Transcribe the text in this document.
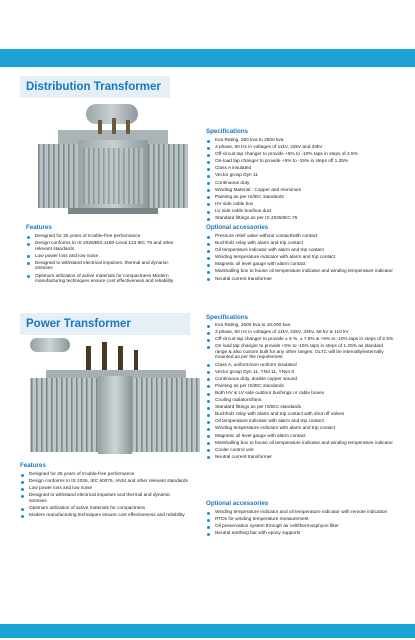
Distribution Transformer
Specifications
Kva Rating, 250 kva to 2500 kva
3 phase, 50 Hz in voltages of 11kV, 22kV and 33kV
Off-circuit tap changer to provide +5% to -10% taps in steps of 2.5%
On-load tap changer to provide +5% to -15% in steps off 1.25%
Class A insulated
Vector group Dyn 11
Continuous duty
Winding Material : Copper and Aluminum
Painting as per IS/IEC standards
HV side cable box
LV side cable box/bus duct
Standard fittings as per IS 2026/IEC 76
Features
Designed for 25 years of trouble-free performance
Design conforms to IS 2026/BIS:1180-Leval 123 IEC 76 and other relevant standards
Low power loss and low noise
Designed to withstand electrical impulses, thermal and dynamic stresses
Optimum utilization of active materials for compactness Modern manufacturing techniques ensure cost effectiveness and reliability
Optional accessories
Pressure relief valve without contact/with contact
Buchholz relay with alarm and trip contact
Oil temperature indicator with alarm and trip contact
Winding temperature indicator with alarm and trip contact
Magnetic oil level gauge with alarm contact
Marshalling box to house oil temperature indicator and winding temperature indicator
Neutral current transformer
Power Transformer
Specifications
Kva Rating, 2600 kva to 10,000 kva
3 phase, 50 Hz in voltages of 11kV, 22kV, 33kV, 66 kV & 110 kV
Off-circuit tap changer to provide ± 5 %, ± 7.5% & +5% to -10% taps in steps of 2.5%
On load tap changer to provide +5% to -15% taps in steps of 1.25% as standard range & also custom built for any other ranges. OLTC will be internally/externally mounted as per the requirement
Class A, uniform/non-uniform insulated
Vector group Dyn 11, YNd 11, YNyn 0
Continuous duty, double copper wound
Painting as per IS/IEC standards
Both HV & LV side outdoor bushings or cable boxes
Cooling radiators/fans.
Standard fittings as per IS/IEC standards
Buchholz relay with alarm and trip contact with shut off valves
Oil temperature indicator with alarm and trip contact
Winding temperature indicator with alarm and trip contact
Magnetic oil level gauge with alarm contact
Marshalling box to house oil temperature indicator and winding temperature indicator
Cooler control unit
Neutral current transformer
Optional accessories
Winding temperature indicator and oil temperature indicator with remote indication
RTDs for winding temperature measurement
Oil preservation system through air cell/thermosphyon filter
Neutral earthing bar with epoxy supports
Features
Designed for 25 years of trouble-free performance
Design conforms to IS 2026, IEC 60076, ANSI and other relevant standards
Low power loss and low noise
Designed to withstand electrical impulses and thermal and dynamic stresses
Optimum utilization of active materials for compactness
Modern manufacturing techniques ensure cost effectiveness and reliability
